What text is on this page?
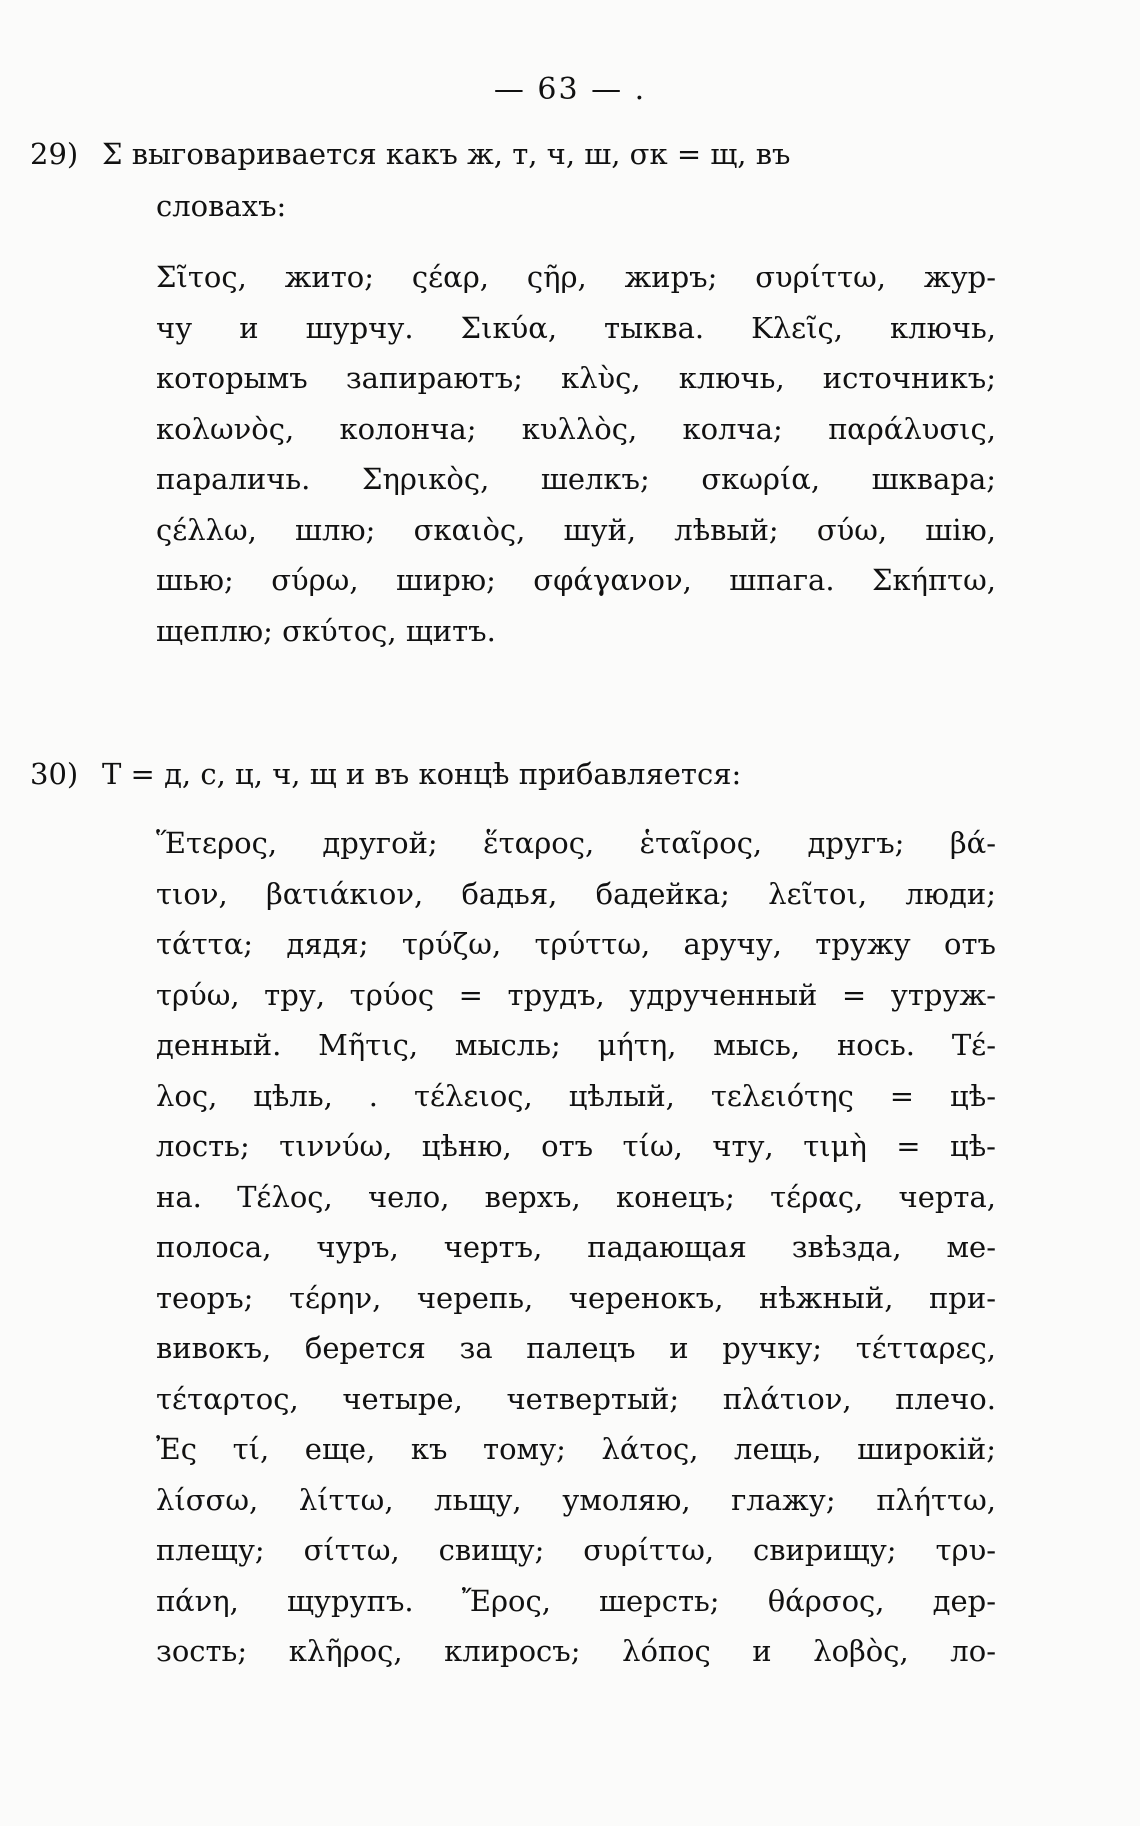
— 63 — .
29) Σ выговаривается какъ ж, т, ч, ш, σκ = щ, въ
словахъ:
Σῖτος, жито; ςέαρ, ςῆρ, жиръ; συρίττω, жур-
чу и шурчу. Σικύα, тыква. Κλεῖς, ключь,
которымъ запираютъ; κλὺς, ключь, источникъ;
κολωνὸς, колонча; κυλλὸς, колча; παράλυσις,
параличь. Σηρικὸς, шелкъ; σκωρία, шквара;
ςέλλω, шлю; σκαιὸς, шуй, лѣвый; σύω, шію,
шью; σύρω, ширю; σφάγανον, шпага. Σκήπτω,
щеплю; σκύτος, щитъ.
30) T = д, с, ц, ч, щ и въ концѣ прибавляется:
Ἕτερος, другой; ἕταρος, ἑταῖρος, другъ; βά-
τιον, βατιάκιον, бадья, бадейка; λεῖτοι, люди;
τάττα; дядя; τρύζω, τρύττω, аручу, тружу отъ
τρύω, тру, τρύος = трудъ, удрученный = утруж-
денный. Μῆτις, мысль; μήτη, мысь, нось. Τέ-
λος, цѣль, . τέλειος, цѣлый, τελειότης = цѣ-
лость; τιννύω, цѣню, отъ τίω, чту, τιμὴ = цѣ-
на. Τέλος, чело, верхъ, конецъ; τέρας, черта,
полоса, чуръ, чертъ, падающая звѣзда, ме-
теоръ; τέρην, черепь, черенокъ, нѣжный, при-
вивокъ, берется за палецъ и ручку; τέτταρες,
τέταρτος, четыре, четвертый; πλάτιον, плечо.
Ἐς τί, еще, къ тому; λάτος, лещь, широкій;
λίσσω, λίττω, льщу, умоляю, глажу; πλήττω,
плещу; σίττω, свищу; συρίττω, свирищу; τρυ-
πάνη, щурупъ. Ἔρος, шерсть; θάρσος, дер-
зость; κλῆρος, клиросъ; λόπος и λοβὸς, ло-
